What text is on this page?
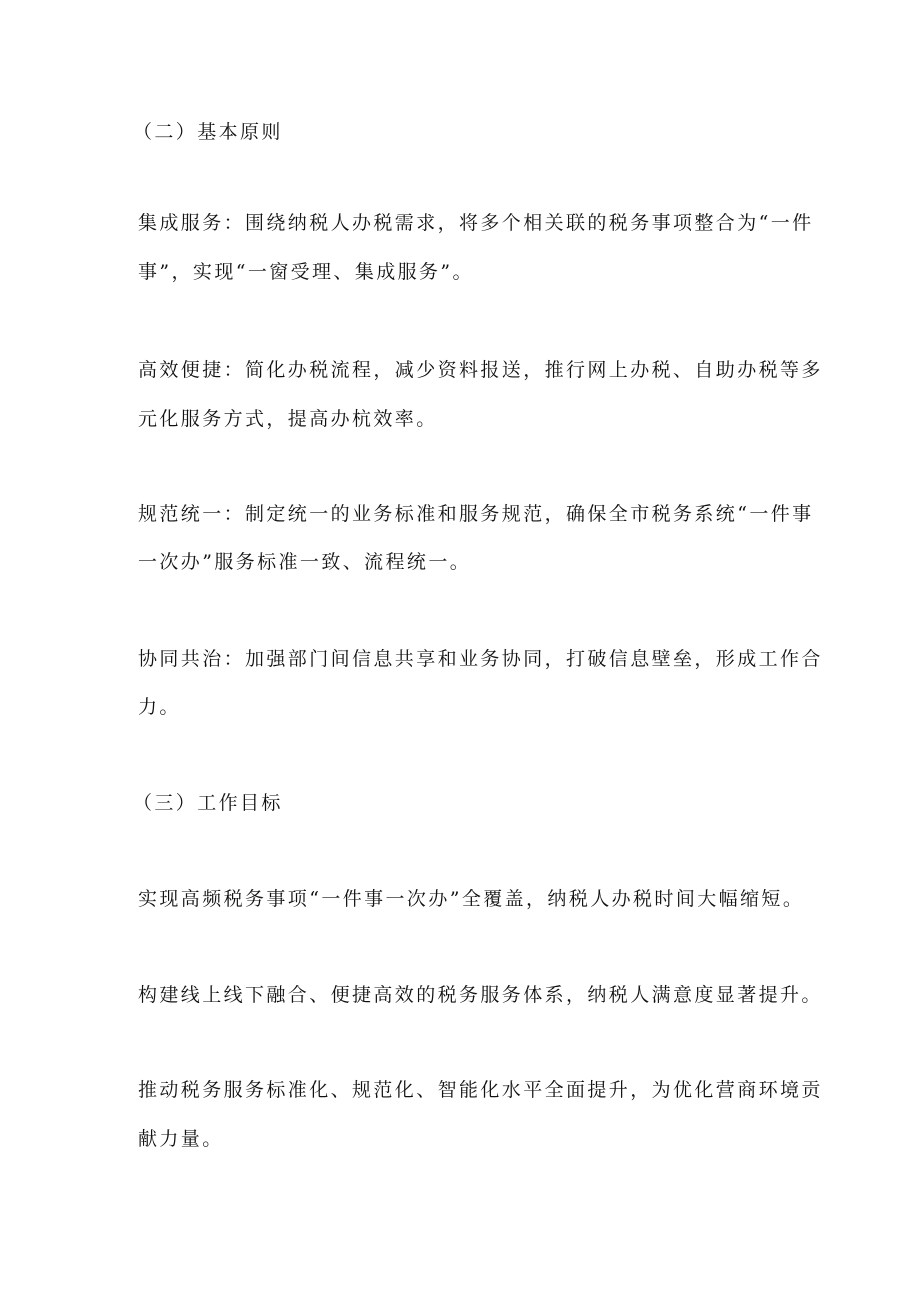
（二）基本原则
集成服务：围绕纳税人办税需求，将多个相关联的税务事项整合为“一件
事”，实现“一窗受理、集成服务”。
高效便捷：简化办税流程，减少资料报送，推行网上办税、自助办税等多
元化服务方式，提高办杭效率。
规范统一：制定统一的业务标准和服务规范，确保全市税务系统“一件事
一次办”服务标准一致、流程统一。
协同共治：加强部门间信息共享和业务协同，打破信息壁垒，形成工作合
力。
（三）工作目标
实现高频税务事项“一件事一次办”全覆盖，纳税人办税时间大幅缩短。
构建线上线下融合、便捷高效的税务服务体系，纳税人满意度显著提升。
推动税务服务标准化、规范化、智能化水平全面提升，为优化营商环境贡
献力量。
